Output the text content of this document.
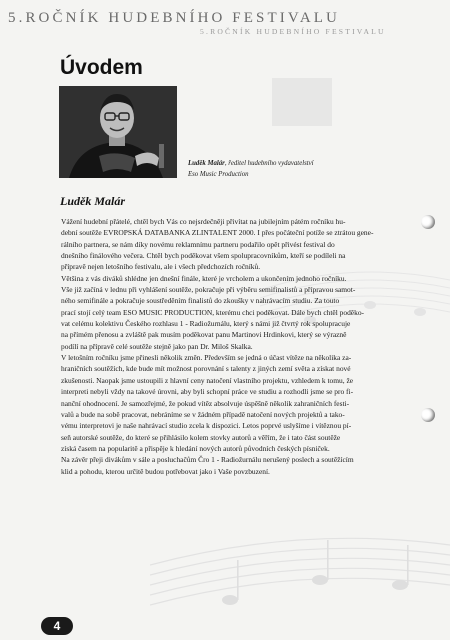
5.ROČNÍK HUDEBNÍHO FESTIVALU
5.ROČNÍK HUDEBNÍHO FESTIVALU
Úvodem
Luděk Malár, ředitel hudebního vydavatelství
Eso Music Production
Luděk Malár
Vážení hudební přátelé, chtěl bych Vás co nejsrdečněji přivítat na jubilejním pátém ročníku hu-
dební soutěže EVROPSKÁ DATABANKA ZLINTALENT 2000. I přes počáteční potíže se ztrátou gene-
rálního partnera, se nám díky novému reklamnímu partneru podařilo opět přivést festival do
dnešního finálového večera. Chtěl bych poděkovat všem spolupracovníkům, kteří se podíleli na
přípravě nejen letošního festivalu, ale i všech předchozích ročníků.
Většina z vás diváků shlédne jen dnešní finále, které je vrcholem a ukončením jednoho ročníku.
Vše již začíná v lednu při vyhlášení soutěže, pokračuje při výběru semifinalistů a přípravou samot-
ného semifinále a pokračuje soustředěním finalistů do zkoušky v nahrávacím studiu. Za touto
prací stojí celý team ESO MUSIC PRODUCTION, kterému chci poděkovat. Dále bych chtěl poděko-
vat celému kolektivu Českého rozhlasu 1 - Radiožurnálu, který s námi již čtvrtý rok spolupracuje
na přímém přenosu a zvláště pak musím poděkovat panu Martinovi Hrdinkovi, který se výrazně
podílí na přípravě celé soutěže stejně jako pan Dr. Miloš Skalka.
V letošním ročníku jsme přinesli několik změn. Především se jedná o účast vítěze na několika za-
hraničních soutěžích, kde bude mít možnost porovnání s talenty z jiných zemí světa a získat nové
zkušenosti. Naopak jsme ustoupili z hlavní ceny natočení vlastního projektu, vzhledem k tomu, že
interpreti nebyli vždy na takové úrovni, aby byli schopní práce ve studiu a rozhodli jsme se pro fi-
nanční ohodnocení. Je samozřejmé, že pokud vítěz absolvuje úspěšně několik zahraničních festi-
valů a bude na sobě pracovat, nebráníme se v žádném případě natočení nových projektů a tako-
vému interpretovi je naše nahrávací studio zcela k dispozici. Letos poprvé uslyšíme i vítěznou pí-
seň autorské soutěže, do které se přihlásilo kolem stovky autorů a věřím, že i tato část soutěže
získá časem na popularitě a přispěje k hledání nových autorů původních českých písniček.
Na závěr přeji divákům v sále a posluchačům Čro 1 - Radiožurnálu nerušený poslech a soutěžícím
klid a pohodu, kterou určitě budou potřebovat jako i Vaše povzbuzení.
4
